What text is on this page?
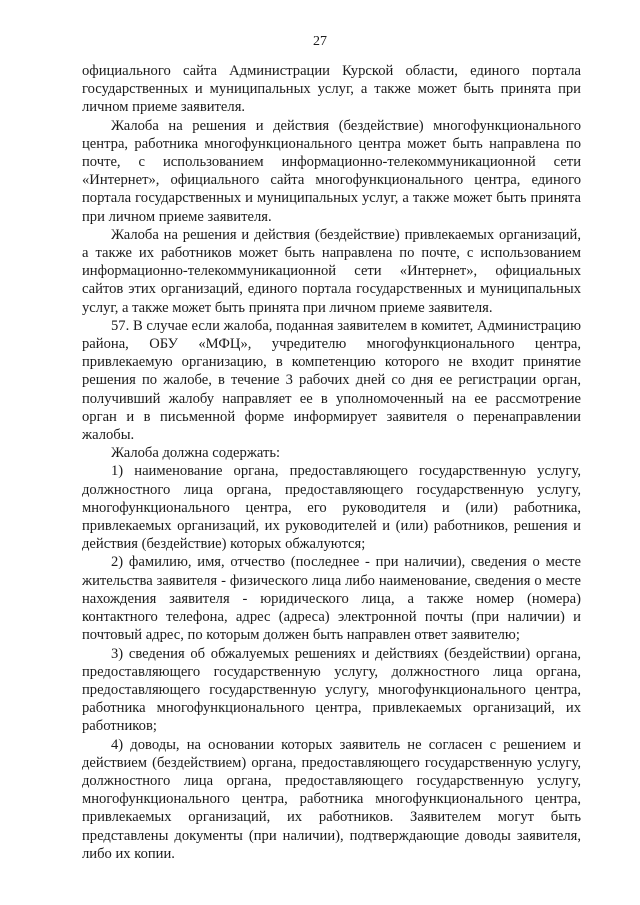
27

официального сайта Администрации Курской области, единого портала государственных и муниципальных услуг, а также может быть принята при личном приеме заявителя.

Жалоба на решения и действия (бездействие) многофункционального центра, работника многофункционального центра может быть направлена по почте, с использованием информационно-телекоммуникационной сети «Интернет», официального сайта многофункционального центра, единого портала государственных и муниципальных услуг, а также может быть принята при личном приеме заявителя.

Жалоба на решения и действия (бездействие) привлекаемых организаций, а также их работников может быть направлена по почте, с использованием информационно-телекоммуникационной сети «Интернет», официальных сайтов этих организаций, единого портала государственных и муниципальных услуг, а также может быть принята при личном приеме заявителя.

57. В случае если жалоба, поданная заявителем в комитет, Администрацию района, ОБУ «МФЦ», учредителю многофункционального центра, привлекаемую организацию, в компетенцию которого не входит принятие решения по жалобе, в течение 3 рабочих дней со дня ее регистрации орган, получивший жалобу направляет ее в уполномоченный на ее рассмотрение орган и в письменной форме информирует заявителя о перенаправлении жалобы.

Жалоба должна содержать:

1) наименование органа, предоставляющего государственную услугу, должностного лица органа, предоставляющего государственную услугу, многофункционального центра, его руководителя и (или) работника, привлекаемых организаций, их руководителей и (или) работников, решения и действия (бездействие) которых обжалуются;

2) фамилию, имя, отчество (последнее - при наличии), сведения о месте жительства заявителя - физического лица либо наименование, сведения о месте нахождения заявителя - юридического лица, а также номер (номера) контактного телефона, адрес (адреса) электронной почты (при наличии) и почтовый адрес, по которым должен быть направлен ответ заявителю;

3) сведения об обжалуемых решениях и действиях (бездействии) органа, предоставляющего государственную услугу, должностного лица органа, предоставляющего государственную услугу, многофункционального центра, работника многофункционального центра, привлекаемых организаций, их работников;

4) доводы, на основании которых заявитель не согласен с решением и действием (бездействием) органа, предоставляющего государственную услугу, должностного лица органа, предоставляющего государственную услугу, многофункционального центра, работника многофункционального центра, привлекаемых организаций, их работников. Заявителем могут быть представлены документы (при наличии), подтверждающие доводы заявителя, либо их копии.
